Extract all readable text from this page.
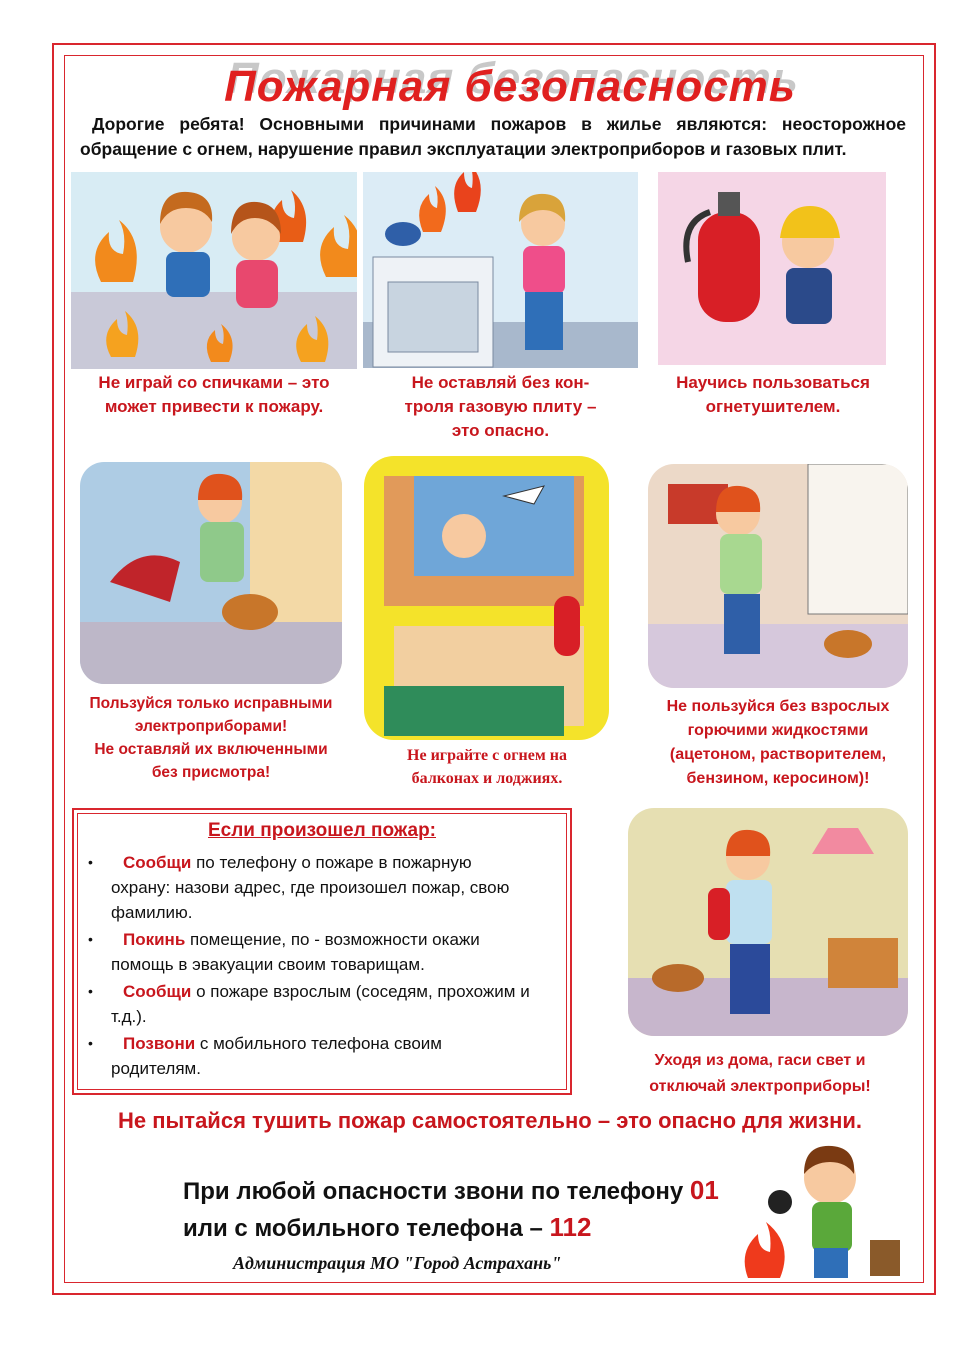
Пожарная безопасность
Дорогие ребята! Основными причинами пожаров в жилье являются: неосторожное обращение с огнем, нарушение правил эксплуатации электроприборов и газовых плит.
Не играй со спичками – это
может привести к пожару.
Не оставляй без кон-
троля газовую плиту –
это опасно.
Научись пользоваться
огнетушителем.
Пользуйся только исправными
электроприборами!
Не оставляй их включенными
без присмотра!
Не играйте с огнем на
балконах и лоджиях.
Не пользуйся без взрослых
горючими жидкостями
(ацетоном, растворителем,
бензином, керосином)!
Уходя из дома, гаси свет и
отключай электроприборы!
Если произошел пожар:
• Сообщи по телефону о пожаре в пожарную охрану: назови адрес, где произошел пожар, свою фамилию.
• Покинь помещение, по - возможности окажи помощь в эвакуации своим товарищам.
• Сообщи о пожаре взрослым (соседям, прохожим и т.д.).
• Позвони с мобильного телефона своим родителям.
Не пытайся тушить пожар самостоятельно – это опасно для жизни.
При любой опасности звони по телефону 01
или с мобильного телефона – 112
Администрация МО "Город Астрахань"
